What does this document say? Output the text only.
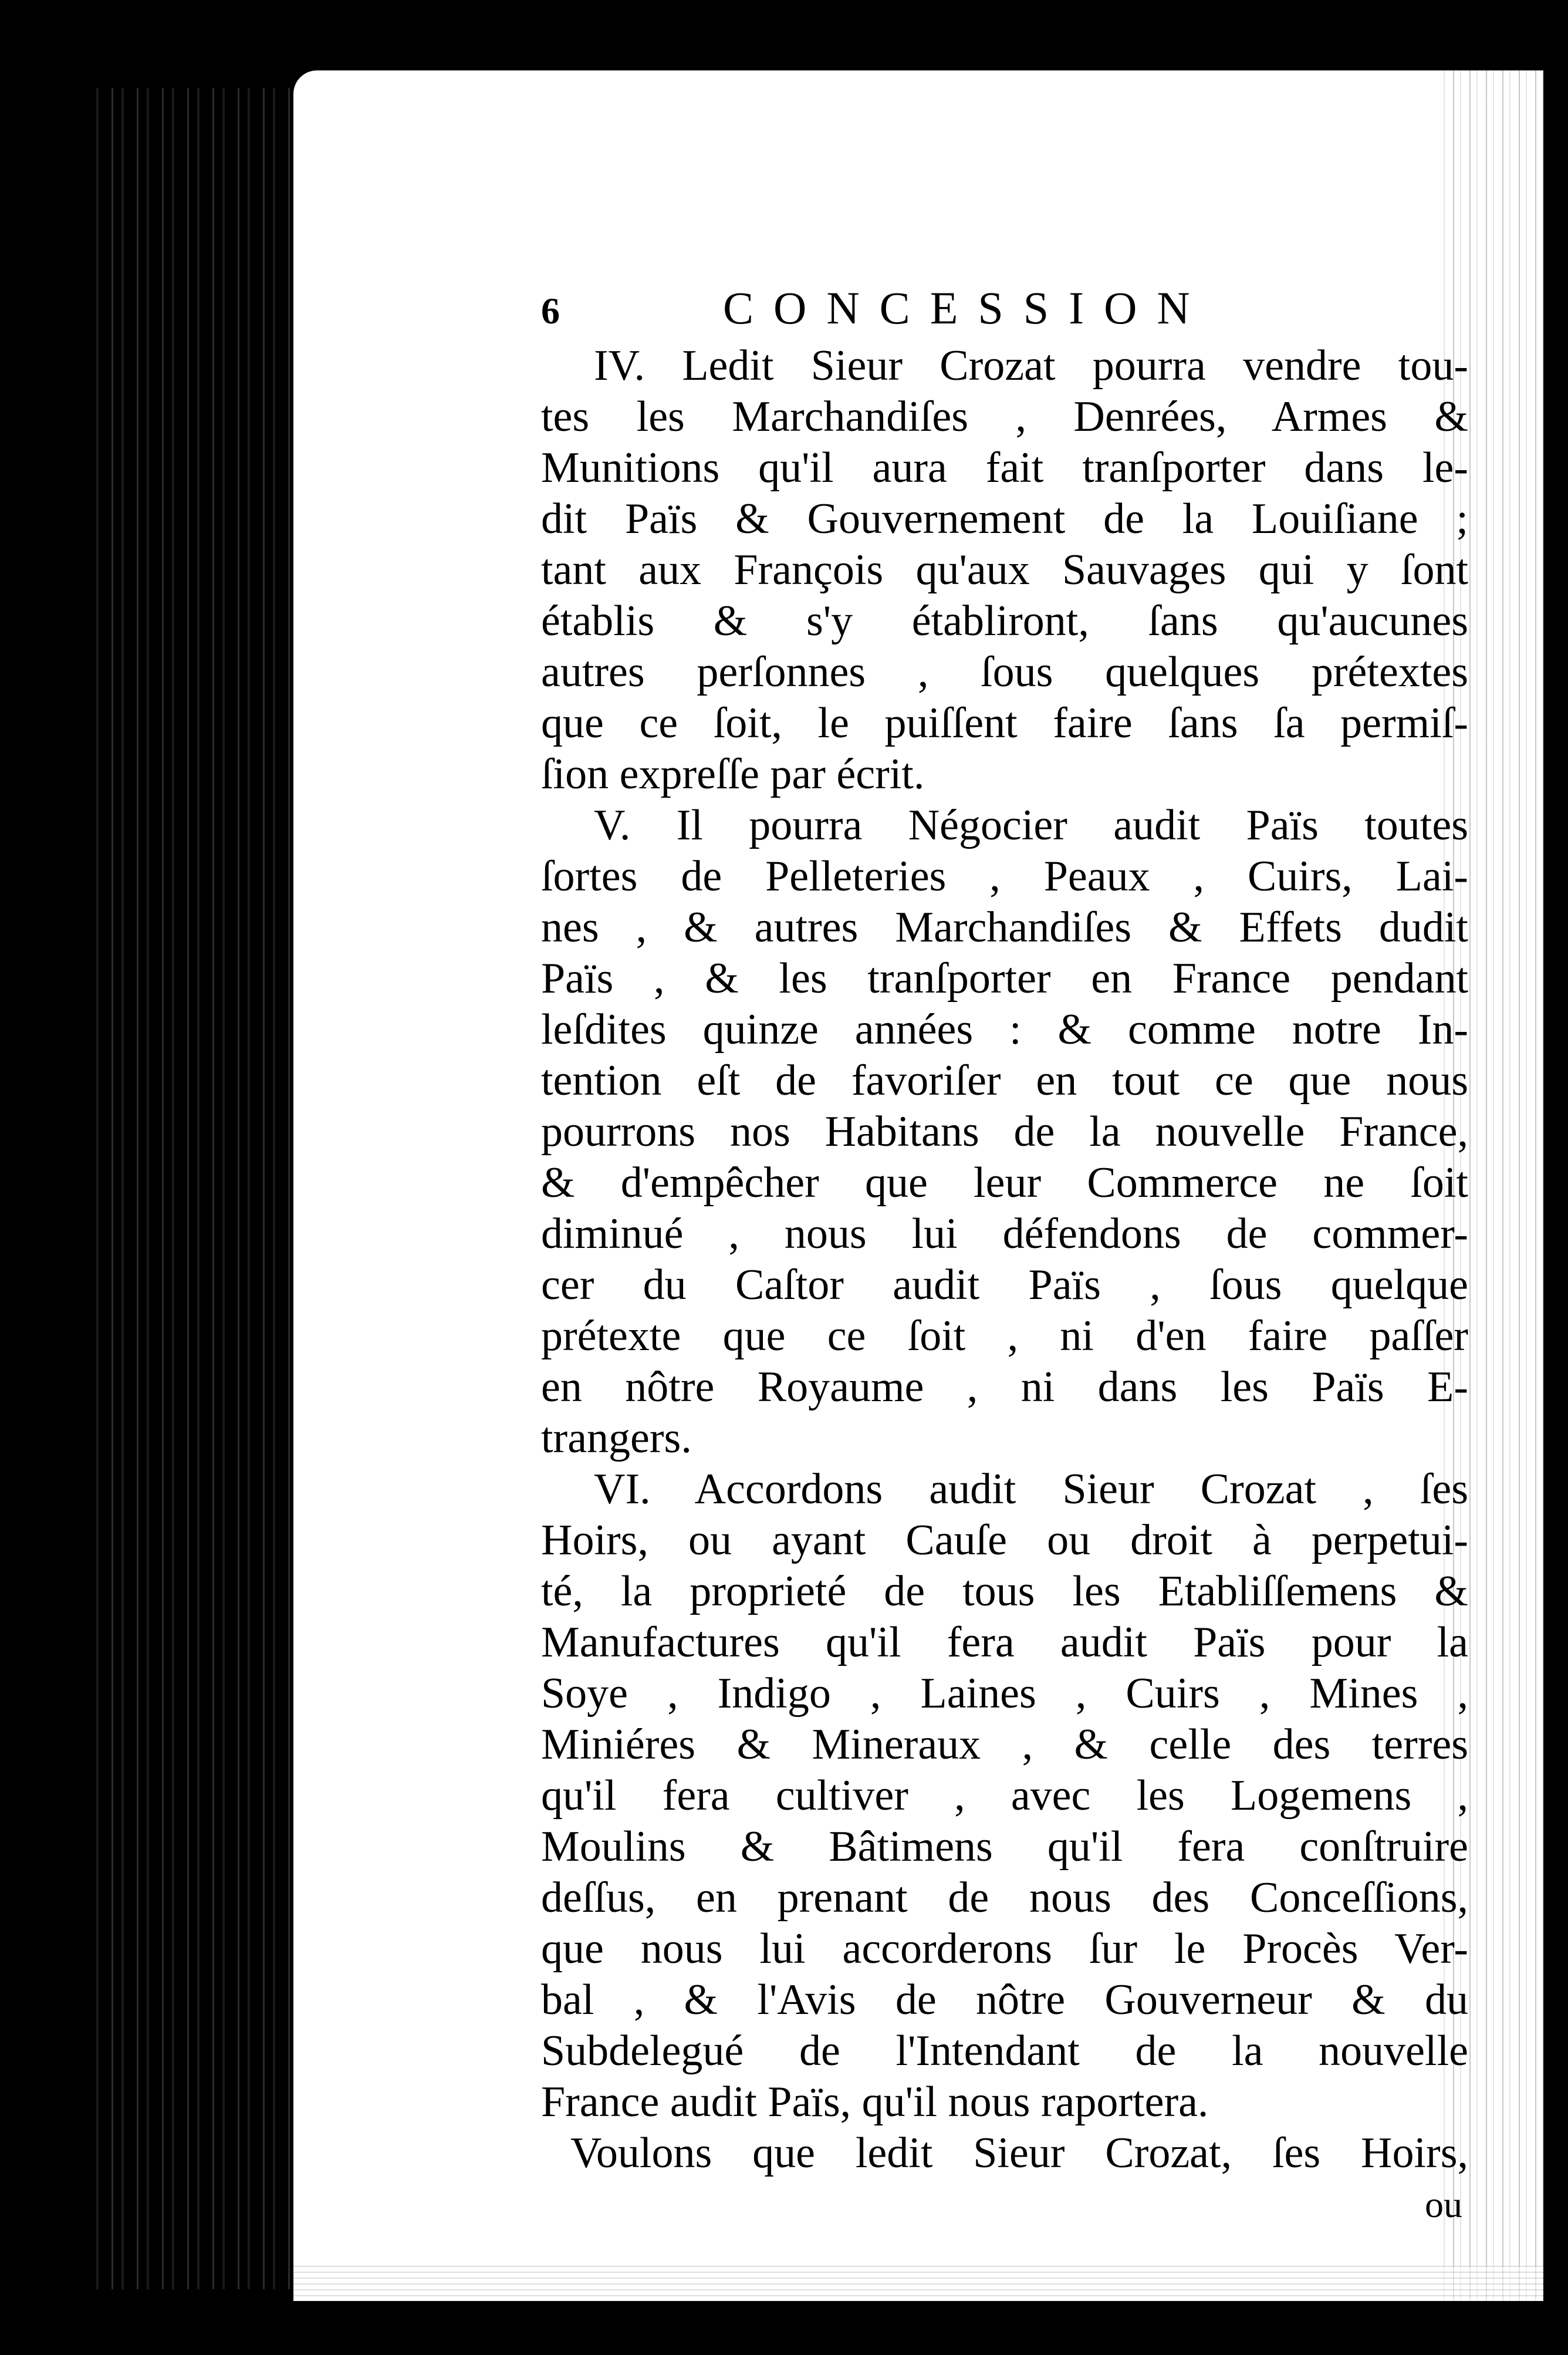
6	CONCESSION
IV. Ledit Sieur Crozat pourra vendre tou-
tes les Marchandiſes , Denrées, Armes &
Munitions qu'il aura fait tranſporter dans le-
dit Païs & Gouvernement de la Louiſiane ;
tant aux François qu'aux Sauvages qui y ſont
établis & s'y établiront, ſans qu'aucunes
autres perſonnes , ſous quelques prétextes
que ce ſoit, le puiſſent faire ſans ſa permiſ-
ſion expreſſe par écrit.
V. Il pourra Négocier audit Païs toutes
ſortes de Pelleteries , Peaux , Cuirs, Lai-
nes , & autres Marchandiſes & Effets dudit
Païs , & les tranſporter en France pendant
leſdites quinze années : & comme notre In-
tention eſt de favoriſer en tout ce que nous
pourrons nos Habitans de la nouvelle France,
& d'empêcher que leur Commerce ne ſoit
diminué , nous lui défendons de commer-
cer du Caſtor audit Païs , ſous quelque
prétexte que ce ſoit , ni d'en faire paſſer
en nôtre Royaume , ni dans les Païs E-
trangers.
VI. Accordons audit Sieur Crozat , ſes
Hoirs, ou ayant Cauſe ou droit à perpetui-
té, la proprieté de tous les Etabliſſemens &
Manufactures qu'il fera audit Païs pour la
Soye , Indigo , Laines , Cuirs , Mines ,
Miniéres & Mineraux , & celle des terres
qu'il fera cultiver , avec les Logemens ,
Moulins & Bâtimens qu'il fera conſtruire
deſſus, en prenant de nous des Conceſſions,
que nous lui accorderons ſur le Procès Ver-
bal , & l'Avis de nôtre Gouverneur & du
Subdelegué de l'Intendant de la nouvelle
France audit Païs, qu'il nous raportera.
Voulons que ledit Sieur Crozat, ſes Hoirs,
ou
